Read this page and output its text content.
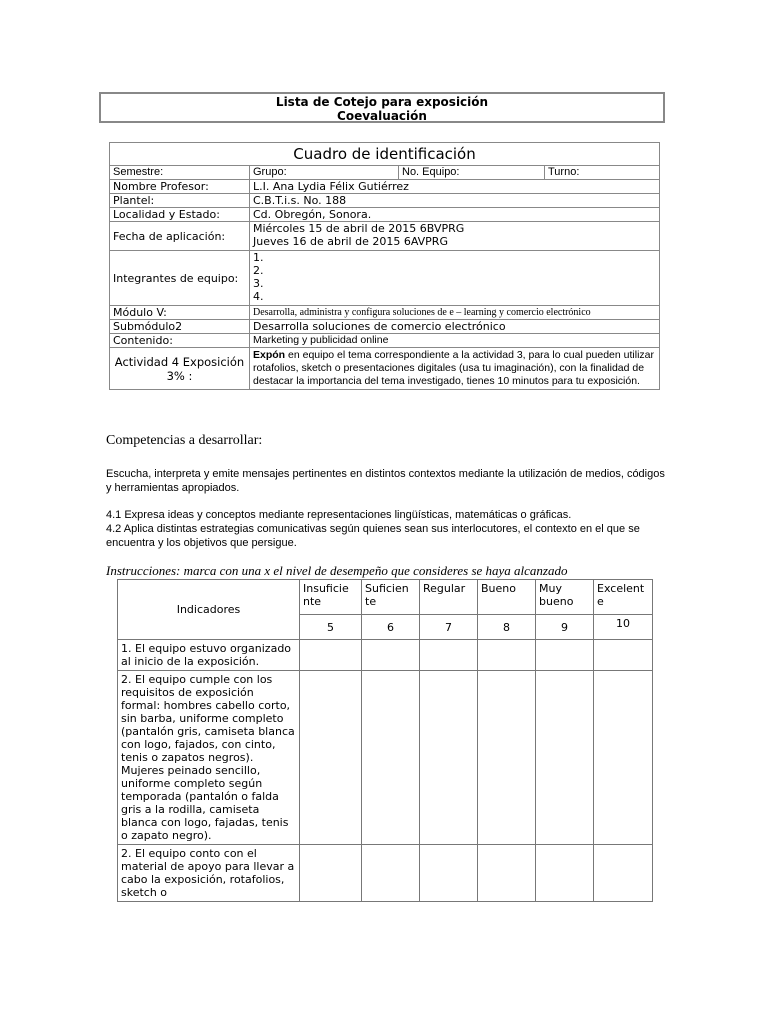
Lista de Cotejo para exposición
Coevaluación
Cuadro de identificación			
Semestre:	Grupo:	No. Equipo:	Turno:
Nombre Profesor:	L.I. Ana Lydia Félix Gutiérrez		
Plantel:	C.B.T.i.s. No. 188		
Localidad y Estado:	Cd. Obregón, Sonora.		
Fecha de aplicación:	Miércoles 15 de abril de 2015 6BVPRG
Jueves 16 de abril de 2015 6AVPRG		

Integrantes de equipo:	1.
2.
3.
4.		

Módulo V:	Desarrolla, administra y configura soluciones de e – learning y comercio electrónico		
Submódulo2	Desarrolla soluciones de comercio electrónico		
Contenido:	Marketing y publicidad online		
Actividad 4 Exposición 3% :	Expón en equipo el tema correspondiente a la actividad 3, para lo cual pueden utilizar rotafolios, sketch o presentaciones digitales (usa tu imaginación), con la finalidad de destacar la importancia del tema investigado, tienes 10 minutos para tu exposición.		
Competencias a desarrollar:
Escucha, interpreta y emite mensajes pertinentes en distintos contextos mediante la utilización de medios, códigos y herramientas apropiados.
4.1 Expresa ideas y conceptos mediante representaciones lingüísticas, matemáticas o gráficas.
4.2 Aplica distintas estrategias comunicativas según quienes sean sus interlocutores, el contexto en el que se encuentra y los objetivos que persigue.
Instrucciones: marca con una x el nivel de desempeño que consideres se haya alcanzado
Indicadores	Insuficie nte	Suficien te	Regular	Bueno	Muy bueno	Excelent e
	5	6	7	8	9	10
1. El equipo estuvo organizado al inicio de la exposición.						
2. El equipo cumple con los requisitos de exposición formal: hombres cabello corto, sin barba, uniforme completo (pantalón gris, camiseta blanca con logo, fajados, con cinto, tenis o zapatos negros).
Mujeres peinado sencillo, uniforme completo según temporada (pantalón o falda gris a la rodilla, camiseta blanca con logo, fajadas, tenis o zapato negro).						
2. El equipo conto con el material de apoyo para llevar a cabo la exposición, rotafolios, sketch o						
